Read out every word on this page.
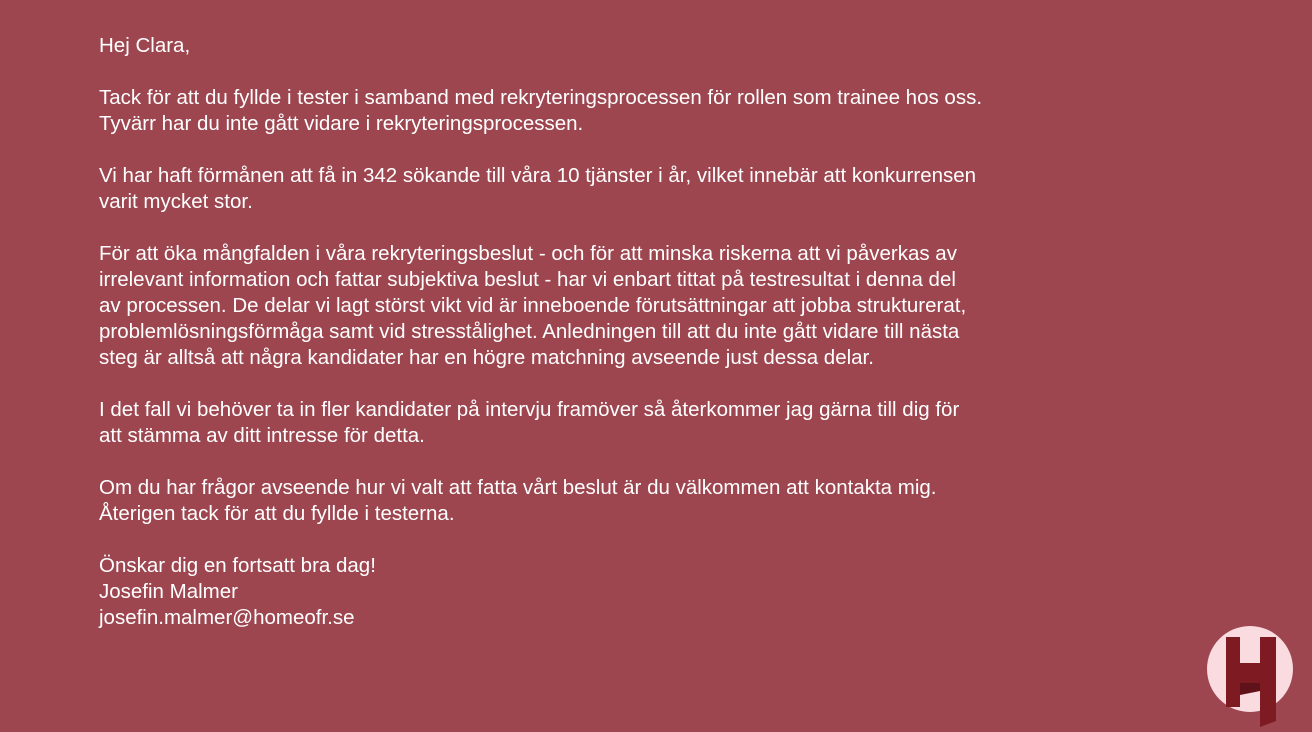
Hej Clara,
Tack för att du fyllde i tester i samband med rekryteringsprocessen för rollen som trainee hos oss.
Tyvärr har du inte gått vidare i rekryteringsprocessen.
Vi har haft förmånen att få in 342 sökande till våra 10 tjänster i år, vilket innebär att konkurrensen
varit mycket stor.
För att öka mångfalden i våra rekryteringsbeslut - och för att minska riskerna att vi påverkas av
irrelevant information och fattar subjektiva beslut - har vi enbart tittat på testresultat i denna del
av processen. De delar vi lagt störst vikt vid är inneboende förutsättningar att jobba strukturerat,
problemlösningsförmåga samt vid stresstålighet. Anledningen till att du inte gått vidare till nästa
steg är alltså att några kandidater har en högre matchning avseende just dessa delar.
I det fall vi behöver ta in fler kandidater på intervju framöver så återkommer jag gärna till dig för
att stämma av ditt intresse för detta.
Om du har frågor avseende hur vi valt att fatta vårt beslut är du välkommen att kontakta mig.
Återigen tack för att du fyllde i testerna.
Önskar dig en fortsatt bra dag!
Josefin Malmer
josefin.malmer@homeofr.se
